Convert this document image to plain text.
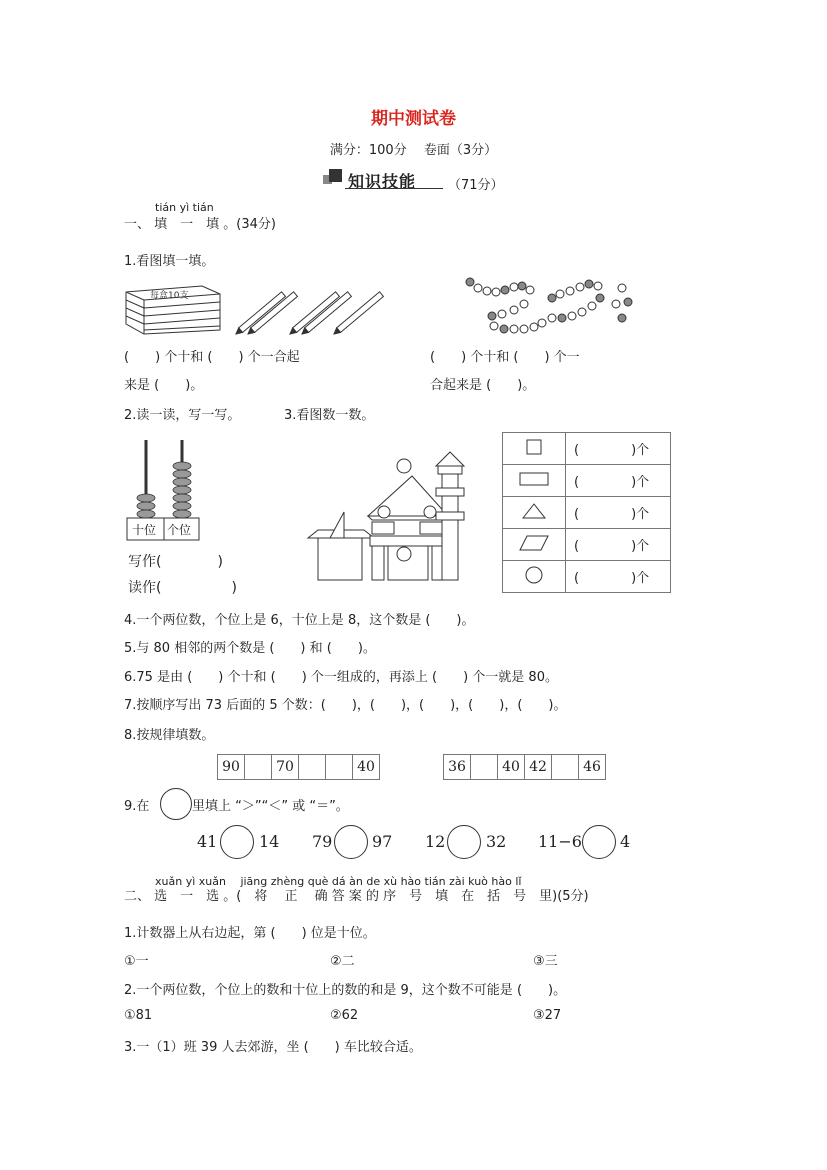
期中测试卷
满分：100分　 卷面（3分）
知识技能 （71分）
tián yì tián
一、 填　一　填 。(34分)
1.看图填一填。
每盒10支
(　　) 个十和 (　　) 个一合起
来是 (　　)。
(　　) 个十和 (　　) 个一
合起来是 (　　)。
2.读一读，写一写。	3.看图数一数。
十位 个位
写作(　　　　)
读作(　　　　　)
	(　　　　)个
	(　　　　)个
	(　　　　)个
	(　　　　)个
	(　　　　)个
4.一个两位数，个位上是 6，十位上是 8，这个数是 (　　)。
5.与 80 相邻的两个数是 (　　) 和 (　　)。
6.75 是由 (　　) 个十和 (　　) 个一组成的，再添上 (　　) 个一就是 80。
7.按顺序写出 73 后面的 5 个数：(　　)，(　　)，(　　)，(　　)，(　　)。
8.按规律填数。
90		70			40	36		40	42		46
9.在	里填上 “＞”“＜” 或 “＝”。
41	14 79 97 12	32 11−6 4
xuǎn yì xuǎn　 jiāng zhèng què dá àn de xù hào tián zài kuò hào lǐ
二、 选　一　选 。(　将　 正　 确 答 案 的 序　号　填　在　括　号　里)(5分)
1.计数器上从右边起，第 (　　) 位是十位。
①一	②二	③三
2.一个两位数，个位上的数和十位上的数的和是 9，这个数不可能是 (　　)。
①81	②62	③27
3.一（1）班 39 人去郊游，坐 (　　) 车比较合适。
